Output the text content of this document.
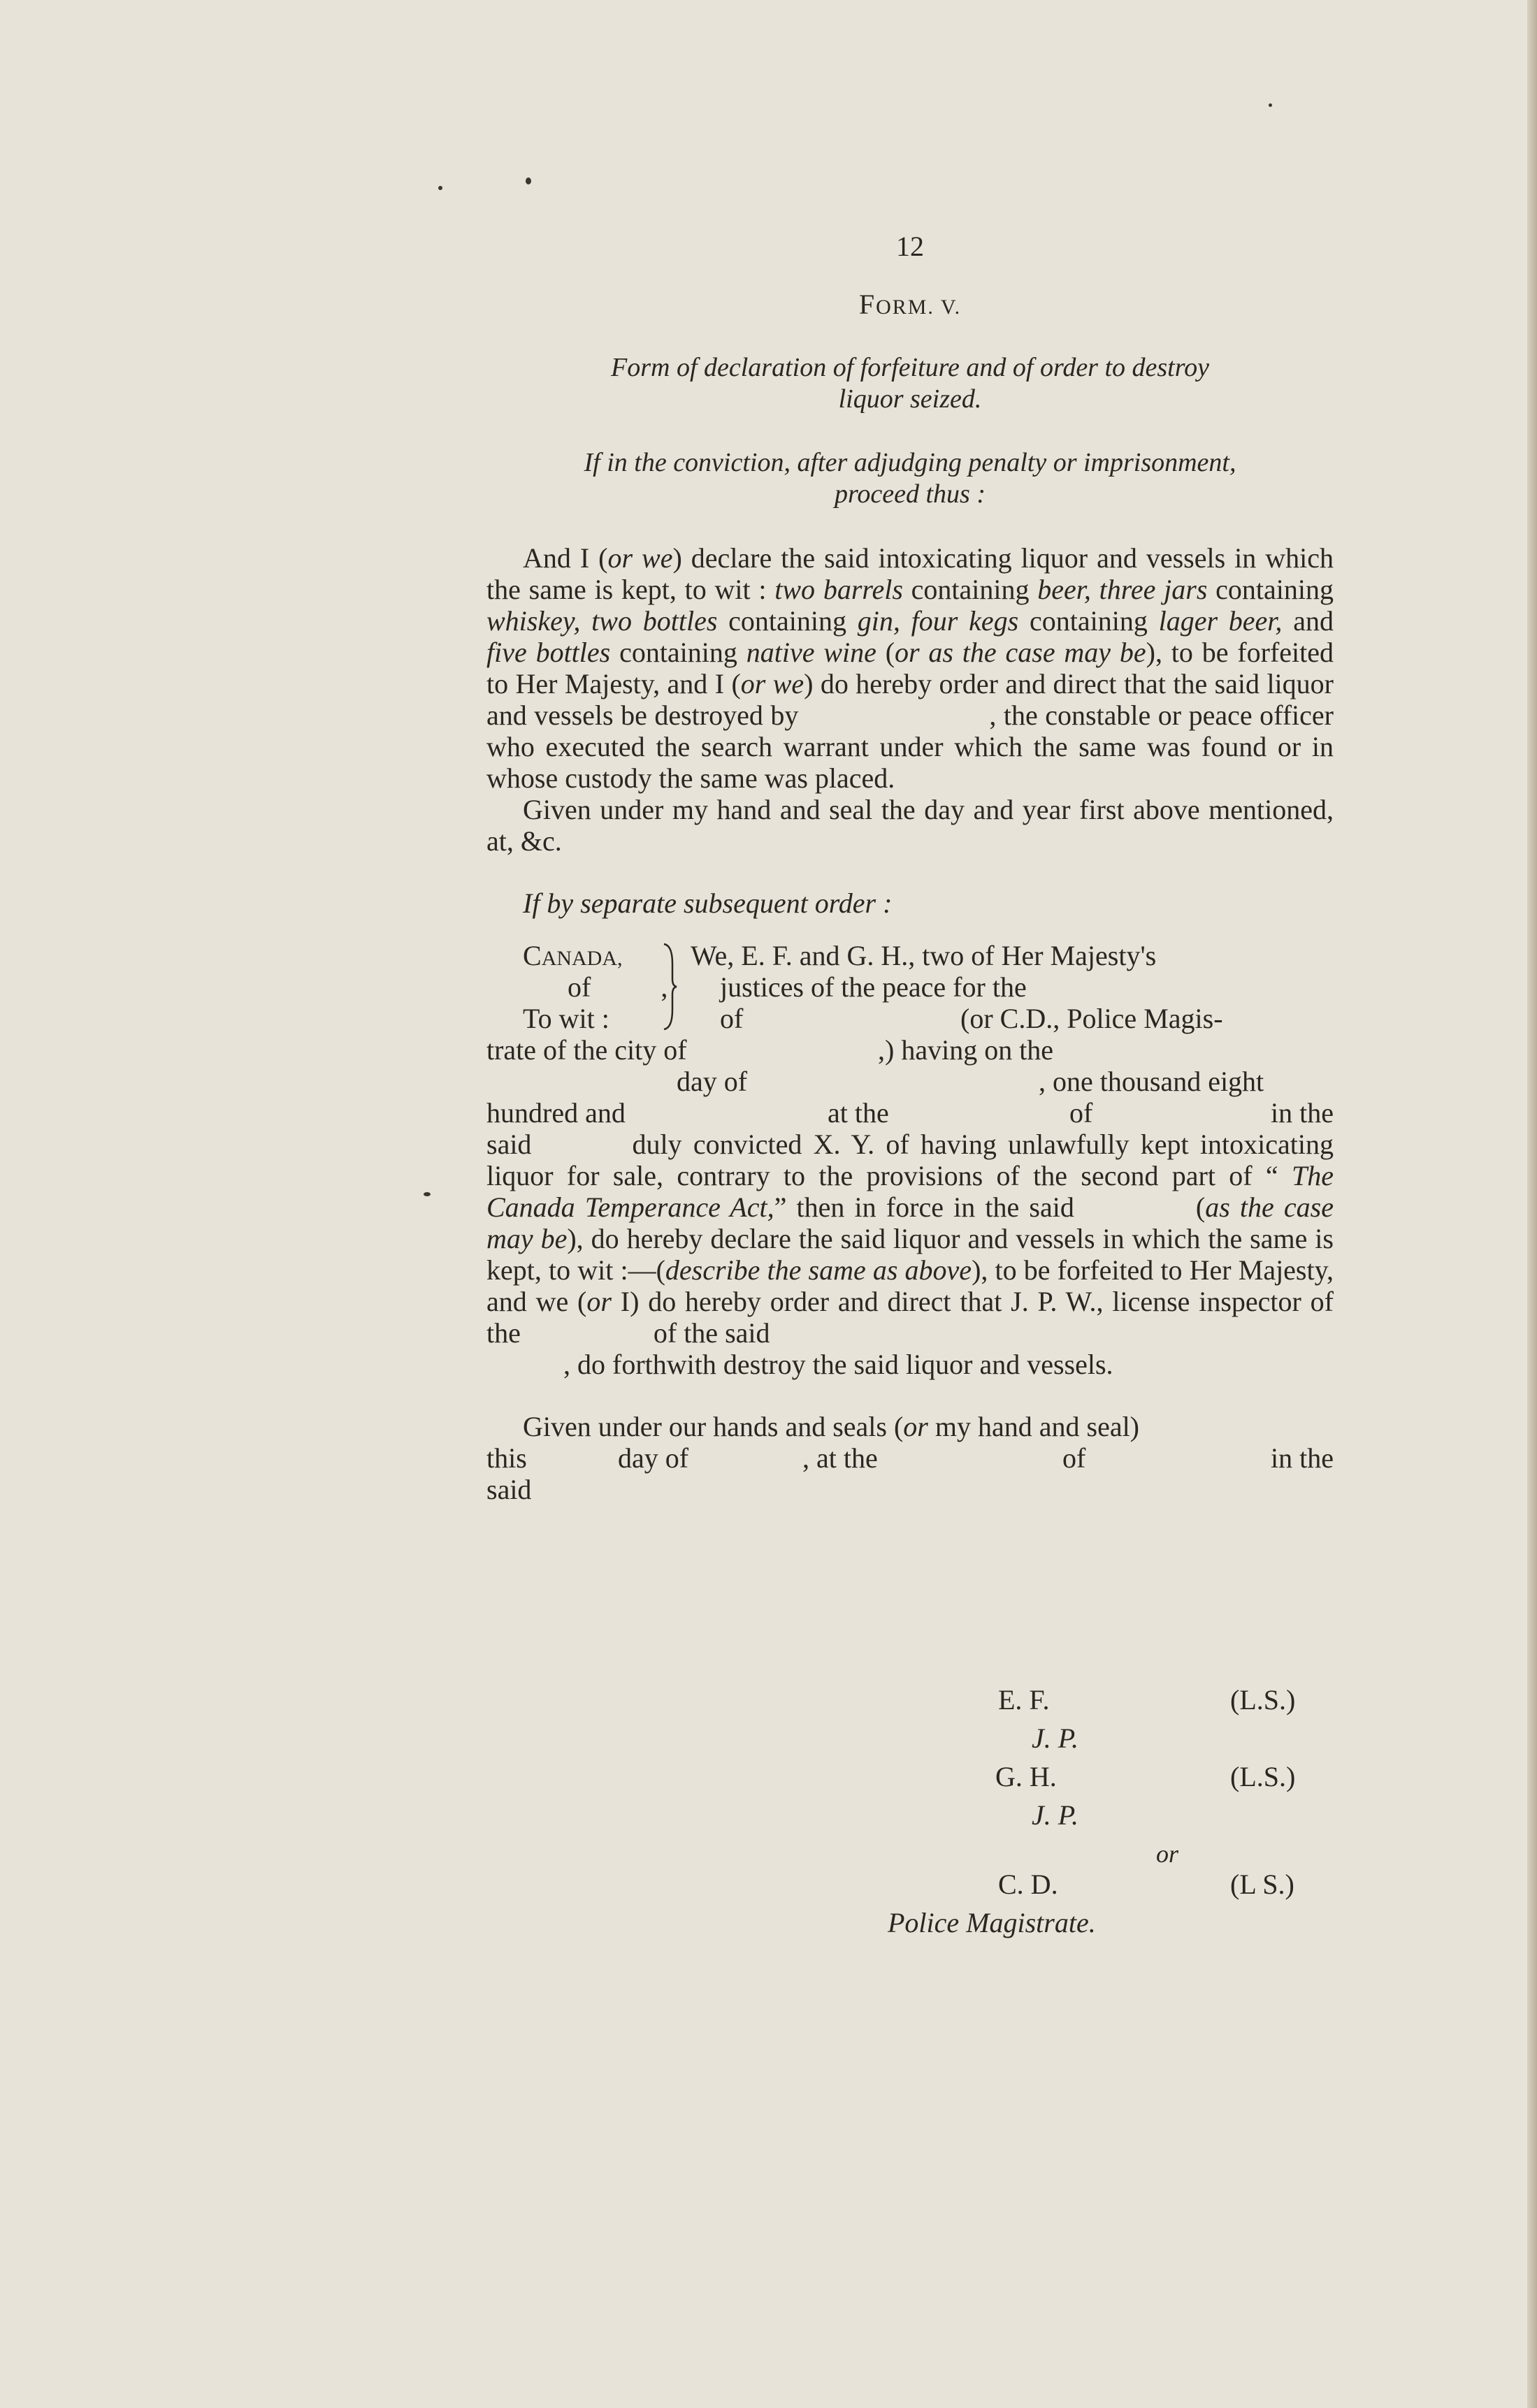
12
FORM. V.
Form of declaration of forfeiture and of order to destroy
liquor seized.
If in the conviction, after adjudging penalty or imprisonment,
proceed thus :

And I (or we) declare the said intoxicating liquor and vessels in which the same is kept, to wit : two barrels containing beer, three jars containing whiskey, two bottles containing gin, four kegs containing lager beer, and five bottles containing native wine (or as the case may be), to be forfeited to Her Majesty, and I (or we) do hereby order and direct that the said liquor and vessels be destroyed by                          , the constable or peace officer who executed the search warrant under which the same was found or in whose custody the same was placed.

Given under my hand and seal the day and year first above mentioned, at, &c.

If by separate subsequent order :
CANADA,
of          ,
To wit :
We, E. F. and G. H., two of Her Majesty's
justices of the peace for the
of	(or C.D., Police Magis-
trate of the city of	,) having on the
day of	, one thousand eight
hundred and	at the	of	in the

said	duly convicted X. Y. of having unlawfully kept intoxicating liquor for sale, contrary to the provisions of the second part of “ The Canada Temperance Act,” then in force in the said	(as the case may be), do hereby declare the said liquor and vessels in which the same is kept, to wit :—(describe the same as above), to be forfeited to Her Majesty, and we (or I) do hereby order and direct that J. P. W., license inspector of the	of the said

, do forthwith destroy the said liquor and vessels.
Given under our hands and seals (or my hand and seal)
this	day of	, at the	of	in the
said
E. F.	(L.S.)
J. P.
G. H.	(L.S.)
J. P.
or
C. D.	(L S.)
Police Magistrate.
